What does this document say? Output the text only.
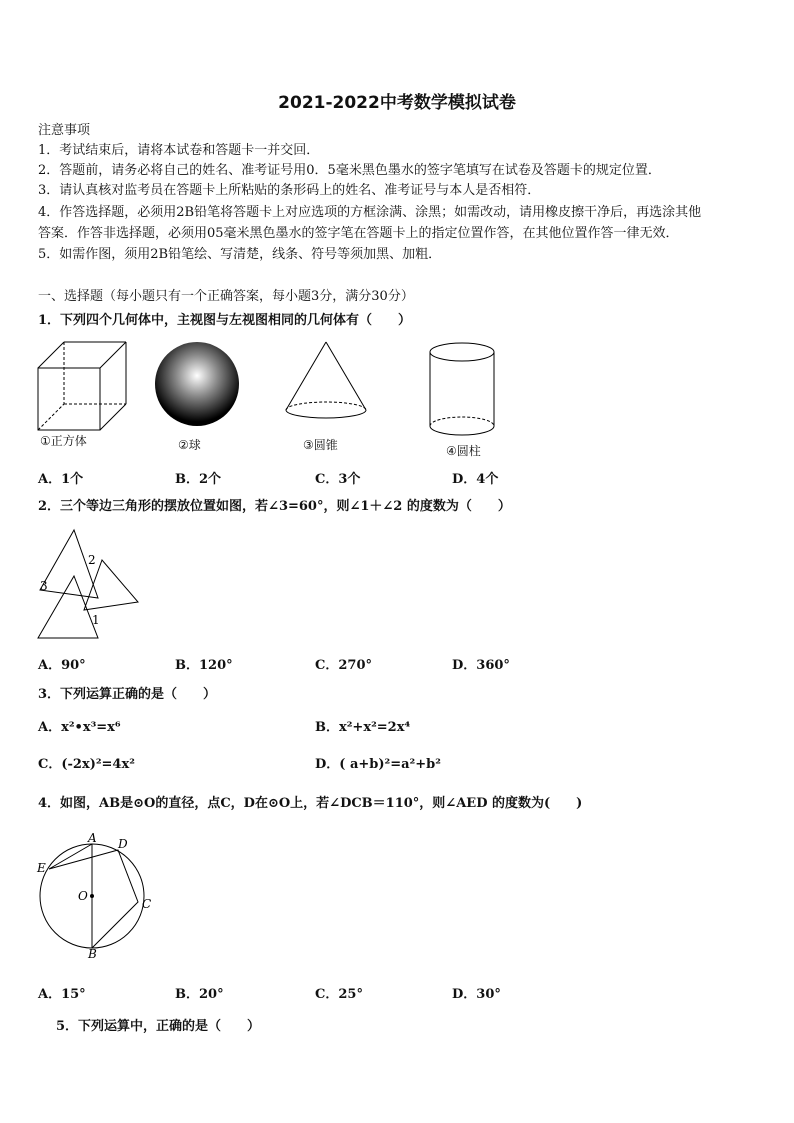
2021-2022中考数学模拟试卷
注意事项
1．考试结束后，请将本试卷和答题卡一并交回．
2．答题前，请务必将自己的姓名、准考证号用0．5毫米黑色墨水的签字笔填写在试卷及答题卡的规定位置．
3．请认真核对监考员在答题卡上所粘贴的条形码上的姓名、准考证号与本人是否相符．
4．作答选择题，必须用2B铅笔将答题卡上对应选项的方框涂满、涂黑；如需改动，请用橡皮擦干净后，再选涂其他
答案．作答非选择题，必须用05毫米黑色墨水的签字笔在答题卡上的指定位置作答，在其他位置作答一律无效．
5．如需作图，须用2B铅笔绘、写清楚，线条、符号等须加黑、加粗．
一、选择题（每小题只有一个正确答案，每小题3分，满分30分）
1．下列四个几何体中，主视图与左视图相同的几何体有（　　）
①正方体	②球	③圆锥	④圆柱
A．1个	B．2个	C．3个	D．4个
2．三个等边三角形的摆放位置如图，若∠3=60°，则∠1＋∠2 的度数为（　　）
2
3
1
A．90°	B．120°	C．270°	D．360°
3．下列运算正确的是（　　）
A．x²•x³=x⁶	B．x²+x²=2x⁴
C．(-2x)²=4x²	D．( a+b)²=a²+b²
4．如图，AB是⊙O的直径，点C，D在⊙O上，若∠DCB＝110°，则∠AED 的度数为(　　)
A D
E
O
C
B
A．15°	B．20°	C．25°	D．30°
5．下列运算中，正确的是（　　）
